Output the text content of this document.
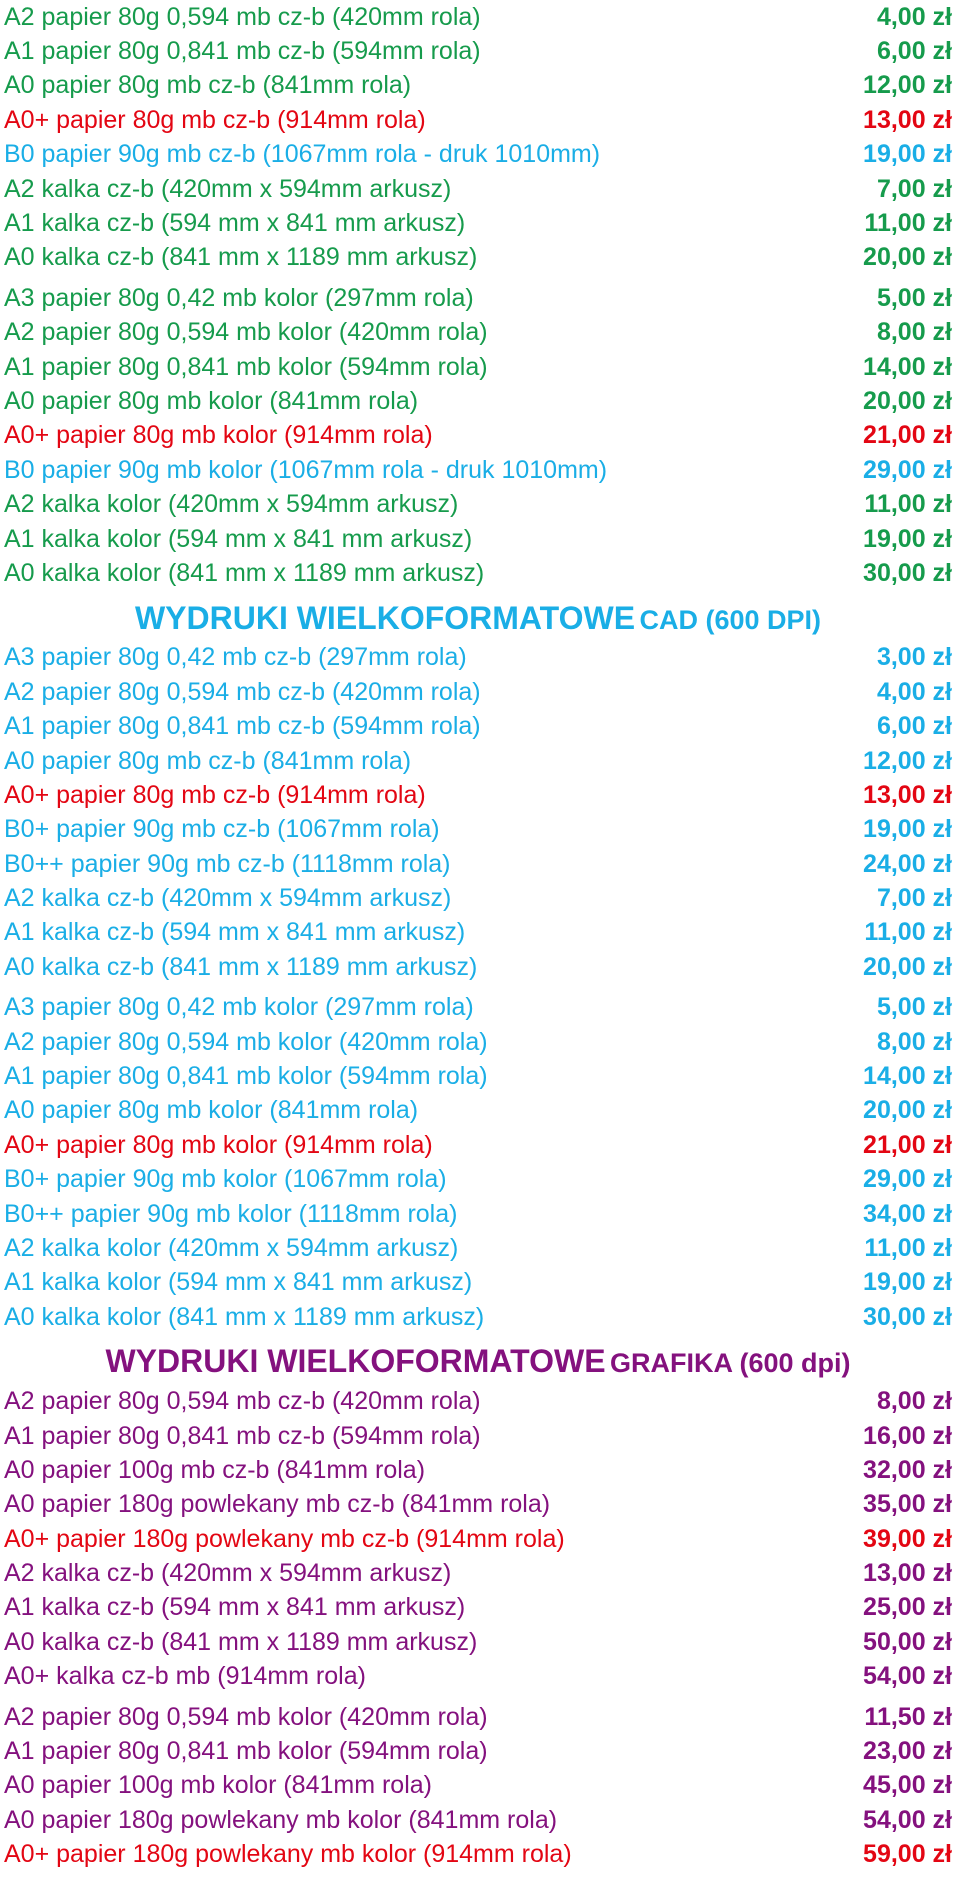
A2 papier 80g 0,594 mb cz-b (420mm rola)	4,00 zł
A1 papier 80g 0,841 mb cz-b (594mm rola)	6,00 zł
A0 papier 80g mb cz-b (841mm rola)	12,00 zł
A0+ papier 80g mb cz-b (914mm rola)	13,00 zł
B0 papier 90g mb cz-b (1067mm rola - druk 1010mm)	19,00 zł
A2 kalka cz-b (420mm x 594mm arkusz)	7,00 zł
A1 kalka cz-b (594 mm x 841 mm arkusz)	11,00 zł
A0 kalka cz-b (841 mm x 1189 mm arkusz)	20,00 zł
A3 papier 80g 0,42 mb kolor (297mm rola)	5,00 zł
A2 papier 80g 0,594 mb kolor (420mm rola)	8,00 zł
A1 papier 80g 0,841 mb kolor (594mm rola)	14,00 zł
A0 papier 80g mb kolor (841mm rola)	20,00 zł
A0+ papier 80g mb kolor (914mm rola)	21,00 zł
B0 papier 90g mb kolor (1067mm rola - druk 1010mm)	29,00 zł
A2 kalka kolor (420mm x 594mm arkusz)	11,00 zł
A1 kalka kolor (594 mm x 841 mm arkusz)	19,00 zł
A0 kalka kolor (841 mm x 1189 mm arkusz)	30,00 zł
WYDRUKI WIELKOFORMATOWE CAD (600 DPI)
A3 papier 80g 0,42 mb cz-b (297mm rola)	3,00 zł
A2 papier 80g 0,594 mb cz-b (420mm rola)	4,00 zł
A1 papier 80g 0,841 mb cz-b (594mm rola)	6,00 zł
A0 papier 80g mb cz-b (841mm rola)	12,00 zł
A0+ papier 80g mb cz-b (914mm rola)	13,00 zł
B0+ papier 90g mb cz-b (1067mm rola)	19,00 zł
B0++ papier 90g mb cz-b (1118mm rola)	24,00 zł
A2 kalka cz-b (420mm x 594mm arkusz)	7,00 zł
A1 kalka cz-b (594 mm x 841 mm arkusz)	11,00 zł
A0 kalka cz-b (841 mm x 1189 mm arkusz)	20,00 zł
A3 papier 80g 0,42 mb kolor (297mm rola)	5,00 zł
A2 papier 80g 0,594 mb kolor (420mm rola)	8,00 zł
A1 papier 80g 0,841 mb kolor (594mm rola)	14,00 zł
A0 papier 80g mb kolor (841mm rola)	20,00 zł
A0+ papier 80g mb kolor (914mm rola)	21,00 zł
B0+ papier 90g mb kolor (1067mm rola)	29,00 zł
B0++ papier 90g mb kolor (1118mm rola)	34,00 zł
A2 kalka kolor (420mm x 594mm arkusz)	11,00 zł
A1 kalka kolor (594 mm x 841 mm arkusz)	19,00 zł
A0 kalka kolor (841 mm x 1189 mm arkusz)	30,00 zł
WYDRUKI WIELKOFORMATOWE GRAFIKA (600 dpi)
A2 papier 80g 0,594 mb cz-b (420mm rola)	8,00 zł
A1 papier 80g 0,841 mb cz-b (594mm rola)	16,00 zł
A0 papier 100g mb cz-b (841mm rola)	32,00 zł
A0 papier 180g powlekany mb cz-b (841mm rola)	35,00 zł
A0+ papier 180g powlekany mb cz-b (914mm rola)	39,00 zł
A2 kalka cz-b (420mm x 594mm arkusz)	13,00 zł
A1 kalka cz-b (594 mm x 841 mm arkusz)	25,00 zł
A0 kalka cz-b (841 mm x 1189 mm arkusz)	50,00 zł
A0+ kalka cz-b mb (914mm rola)	54,00 zł
A2 papier 80g 0,594 mb kolor (420mm rola)	11,50 zł
A1 papier 80g 0,841 mb kolor (594mm rola)	23,00 zł
A0 papier 100g mb kolor (841mm rola)	45,00 zł
A0 papier 180g powlekany mb kolor (841mm rola)	54,00 zł
A0+ papier 180g powlekany mb kolor (914mm rola)	59,00 zł
